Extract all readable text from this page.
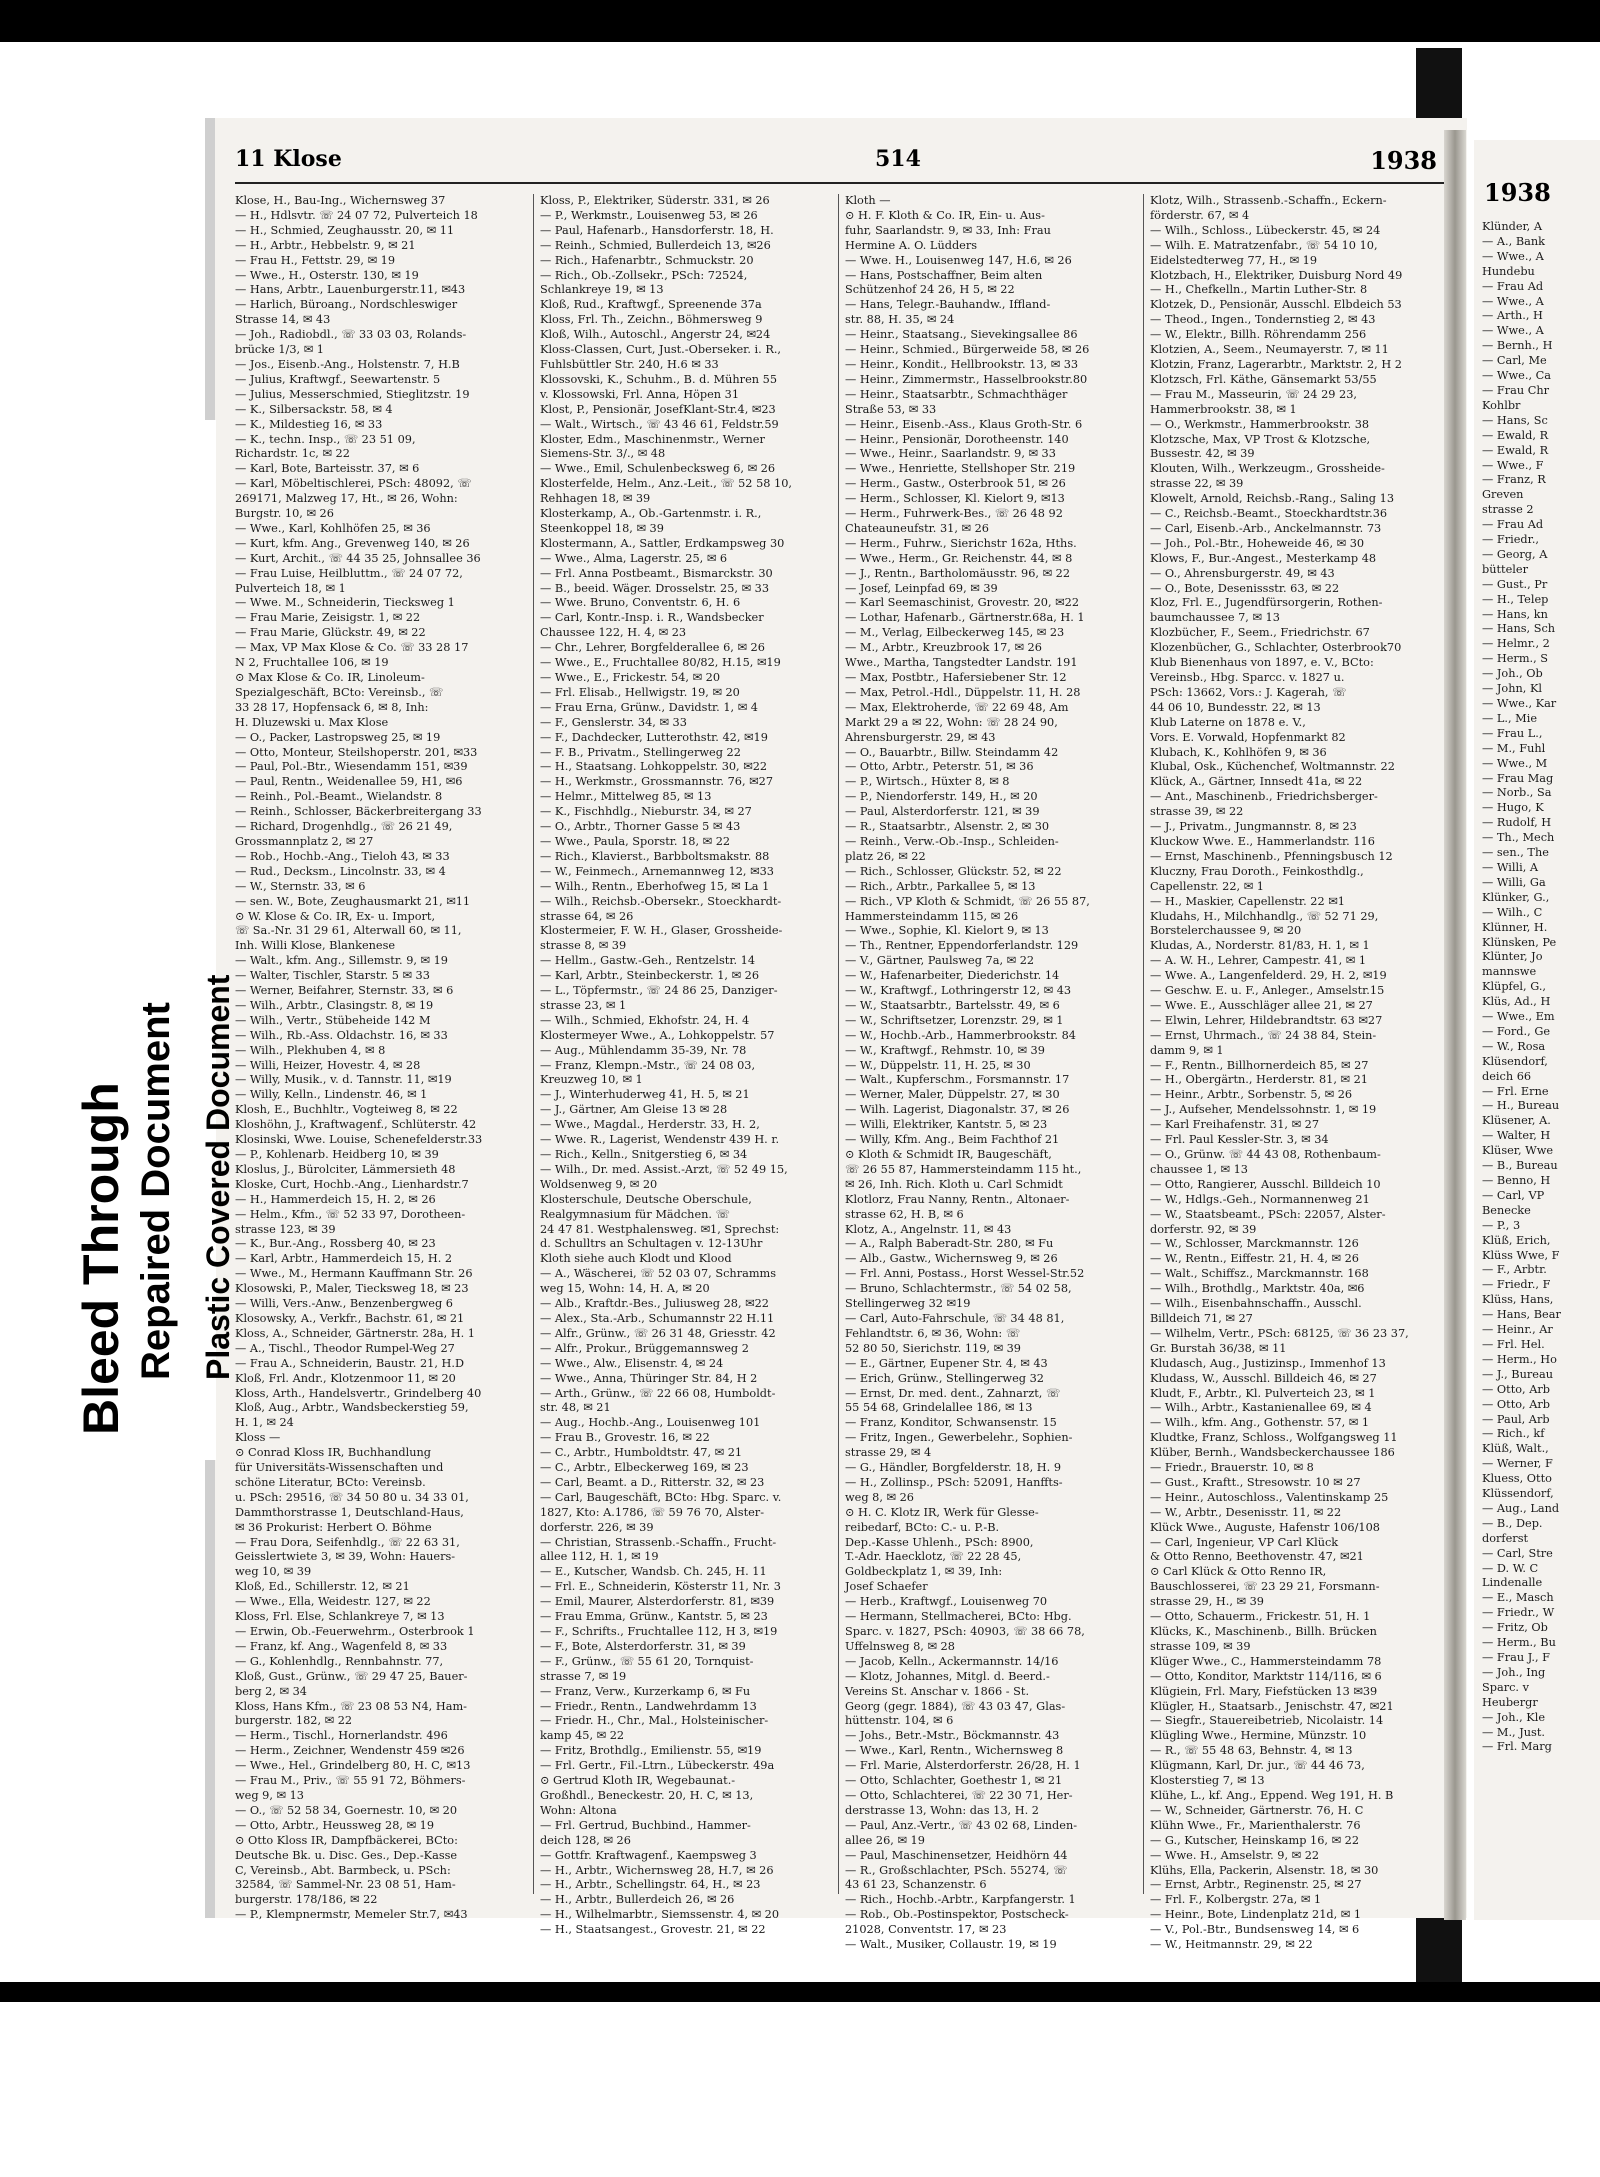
11 Klose	514	1938
Klose, H., Bau-Ing., Wichernsweg 37
— H., Hdlsvtr. ☏ 24 07 72, Pulverteich 18
— H., Schmied, Zeughausstr. 20, ✉ 11
— H., Arbtr., Hebbelstr. 9, ✉ 21
— Frau H., Fettstr. 29, ✉ 19
— Wwe., H., Osterstr. 130, ✉ 19
— Hans, Arbtr., Lauenburgerstr.11, ✉43
— Harlich, Büroang., Nordschleswiger
Strasse 14, ✉ 43
— Joh., Radiobdl., ☏ 33 03 03, Rolands-
brücke 1/3, ✉ 1
— Jos., Eisenb.-Ang., Holstenstr. 7, H.B
— Julius, Kraftwgf., Seewartenstr. 5
— Julius, Messerschmied, Stieglitzstr. 19
— K., Silbersackstr. 58, ✉ 4
— K., Mildestieg 16, ✉ 33
— K., techn. Insp., ☏ 23 51 09,
Richardstr. 1c, ✉ 22
— Karl, Bote, Barteisstr. 37, ✉ 6
— Karl, Möbeltischlerei, PSch: 48092, ☏
269171, Malzweg 17, Ht., ✉ 26, Wohn:
Burgstr. 10, ✉ 26
— Wwe., Karl, Kohlhöfen 25, ✉ 36
— Kurt, kfm. Ang., Grevenweg 140, ✉ 26
— Kurt, Archit., ☏ 44 35 25, Johnsallee 36
— Frau Luise, Heilbluttm., ☏ 24 07 72,
Pulverteich 18, ✉ 1
— Wwe. M., Schneiderin, Tiecksweg 1
— Frau Marie, Zeisigstr. 1, ✉ 22
— Frau Marie, Glückstr. 49, ✉ 22
— Max, VP Max Klose & Co. ☏ 33 28 17
N 2, Fruchtallee 106, ✉ 19
⊙ Max Klose & Co. IR, Linoleum-
Spezialgeschäft, BCto: Vereinsb., ☏
33 28 17, Hopfensack 6, ✉ 8, Inh:
H. Dluzewski u. Max Klose
— O., Packer, Lastropsweg 25, ✉ 19
— Otto, Monteur, Steilshoperstr. 201, ✉33
— Paul, Pol.-Btr., Wiesendamm 151, ✉39
— Paul, Rentn., Weidenallee 59, H1, ✉6
— Reinh., Pol.-Beamt., Wielandstr. 8
— Reinh., Schlosser, Bäckerbreitergang 33
— Richard, Drogenhdlg., ☏ 26 21 49,
Grossmannplatz 2, ✉ 27
— Rob., Hochb.-Ang., Tieloh 43, ✉ 33
— Rud., Decksm., Lincolnstr. 33, ✉ 4
— W., Sternstr. 33, ✉ 6
— sen. W., Bote, Zeughausmarkt 21, ✉11
⊙ W. Klose & Co. IR, Ex- u. Import,
☏ Sa.-Nr. 31 29 61, Alterwall 60, ✉ 11,
Inh. Willi Klose, Blankenese
— Walt., kfm. Ang., Sillemstr. 9, ✉ 19
— Walter, Tischler, Starstr. 5 ✉ 33
— Werner, Beifahrer, Sternstr. 33, ✉ 6
— Wilh., Arbtr., Clasingstr. 8, ✉ 19
— Wilh., Vertr., Stübeheide 142 M
— Wilh., Rb.-Ass. Oldachstr. 16, ✉ 33
— Wilh., Plekhuben 4, ✉ 8
— Willi, Heizer, Hovestr. 4, ✉ 28
— Willy, Musik., v. d. Tannstr. 11, ✉19
— Willy, Kelln., Lindenstr. 46, ✉ 1
Klosh, E., Buchhltr., Vogteiweg 8, ✉ 22
Kloshöhn, J., Kraftwagenf., Schlüterstr. 42
Klosinski, Wwe. Louise, Schenefelderstr.33
— P., Kohlenarb. Heidberg 10, ✉ 39
Kloslus, J., Bürolciter, Lämmersieth 48
Kloske, Curt, Hochb.-Ang., Lienhardstr.7
— H., Hammerdeich 15, H. 2, ✉ 26
— Helm., Kfm., ☏ 52 33 97, Dorotheen-
strasse 123, ✉ 39
— K., Bur.-Ang., Rossberg 40, ✉ 23
— Karl, Arbtr., Hammerdeich 15, H. 2
— Wwe., M., Hermann Kauffmann Str. 26
Klosowski, P., Maler, Tiecksweg 18, ✉ 23
— Willi, Vers.-Anw., Benzenbergweg 6
Klosowsky, A., Verkfr., Bachstr. 61, ✉ 21
Kloss, A., Schneider, Gärtnerstr. 28a, H. 1
— A., Tischl., Theodor Rumpel-Weg 27
— Frau A., Schneiderin, Baustr. 21, H.D
Kloß, Frl. Andr., Klotzenmoor 11, ✉ 20
Kloss, Arth., Handelsvertr., Grindelberg 40
Kloß, Aug., Arbtr., Wandsbeckerstieg 59,
H. 1, ✉ 24
Kloss —
⊙ Conrad Kloss IR, Buchhandlung
für Universitäts-Wissenschaften und
schöne Literatur, BCto: Vereinsb.
u. PSch: 29516, ☏ 34 50 80 u. 34 33 01,
Dammthorstrasse 1, Deutschland-Haus,
✉ 36 Prokurist: Herbert O. Böhme
— Frau Dora, Seifenhdlg., ☏ 22 63 31,
Geisslertwiete 3, ✉ 39, Wohn: Hauers-
weg 10, ✉ 39
Kloß, Ed., Schillerstr. 12, ✉ 21
— Wwe., Ella, Weidestr. 127, ✉ 22
Kloss, Frl. Else, Schlankreye 7, ✉ 13
— Erwin, Ob.-Feuerwehrm., Osterbrook 1
— Franz, kf. Ang., Wagenfeld 8, ✉ 33
— G., Kohlenhdlg., Rennbahnstr. 77,
Kloß, Gust., Grünw., ☏ 29 47 25, Bauer-
berg 2, ✉ 34
Kloss, Hans Kfm., ☏ 23 08 53 N4, Ham-
burgerstr. 182, ✉ 22
— Herm., Tischl., Hornerlandstr. 496
— Herm., Zeichner, Wendenstr 459 ✉26
— Wwe., Hel., Grindelberg 80, H. C, ✉13
— Frau M., Priv., ☏ 55 91 72, Böhmers-
weg 9, ✉ 13
— O., ☏ 52 58 34, Goernestr. 10, ✉ 20
— Otto, Arbtr., Heussweg 28, ✉ 19
⊙ Otto Kloss IR, Dampfbäckerei, BCto:
Deutsche Bk. u. Disc. Ges., Dep.-Kasse
C, Vereinsb., Abt. Barmbeck, u. PSch:
32584, ☏ Sammel-Nr. 23 08 51, Ham-
burgerstr. 178/186, ✉ 22
— P., Klempnermstr, Memeler Str.7, ✉43
Kloss, P., Elektriker, Süderstr. 331, ✉ 26
— P., Werkmstr., Louisenweg 53, ✉ 26
— Paul, Hafenarb., Hansdorferstr. 18, H.
— Reinh., Schmied, Bullerdeich 13, ✉26
— Rich., Hafenarbtr., Schmuckstr. 20
— Rich., Ob.-Zollsekr., PSch: 72524,
Schlankreye 19, ✉ 13
Kloß, Rud., Kraftwgf., Spreenende 37a
Kloss, Frl. Th., Zeichn., Böhmersweg 9
Kloß, Wilh., Autoschl., Angerstr 24, ✉24
Kloss-Classen, Curt, Just.-Oberseker. i. R.,
Fuhlsbüttler Str. 240, H.6 ✉ 33
Klossovski, K., Schuhm., B. d. Mühren 55
v. Klossowski, Frl. Anna, Höpen 31
Klost, P., Pensionär, JosefKlant-Str.4, ✉23
— Walt., Wirtsch., ☏ 43 46 61, Feldstr.59
Kloster, Edm., Maschinenmstr., Werner
Siemens-Str. 3/., ✉ 48
— Wwe., Emil, Schulenbecksweg 6, ✉ 26
Klosterfelde, Helm., Anz.-Leit., ☏ 52 58 10,
Rehhagen 18, ✉ 39
Klosterkamp, A., Ob.-Gartenmstr. i. R.,
Steenkoppel 18, ✉ 39
Klostermann, A., Sattler, Erdkampsweg 30
— Wwe., Alma, Lagerstr. 25, ✉ 6
— Frl. Anna Postbeamt., Bismarckstr. 30
— B., beeid. Wäger. Drosselstr. 25, ✉ 33
— Wwe. Bruno, Conventstr. 6, H. 6
— Carl, Kontr.-Insp. i. R., Wandsbecker
Chaussee 122, H. 4, ✉ 23
— Chr., Lehrer, Borgfelderallee 6, ✉ 26
— Wwe., E., Fruchtallee 80/82, H.15, ✉19
— Wwe., E., Frickestr. 54, ✉ 20
— Frl. Elisab., Hellwigstr. 19, ✉ 20
— Frau Erna, Grünw., Davidstr. 1, ✉ 4
— F., Genslerstr. 34, ✉ 33
— F., Dachdecker, Lutterothstr. 42, ✉19
— F. B., Privatm., Stellingerweg 22
— H., Staatsang. Lohkoppelstr. 30, ✉22
— H., Werkmstr., Grossmannstr. 76, ✉27
— Helmr., Mittelweg 85, ✉ 13
— K., Fischhdlg., Nieburstr. 34, ✉ 27
— O., Arbtr., Thorner Gasse 5 ✉ 43
— Wwe., Paula, Sporstr. 18, ✉ 22
— Rich., Klavierst., Barbboltsmakstr. 88
— W., Feinmech., Arnemannweg 12, ✉33
— Wilh., Rentn., Eberhofweg 15, ✉ La 1
— Wilh., Reichsb.-Obersekr., Stoeckhardt-
strasse 64, ✉ 26
Klostermeier, F. W. H., Glaser, Grossheide-
strasse 8, ✉ 39
— Hellm., Gastw.-Geh., Rentzelstr. 14
— Karl, Arbtr., Steinbeckerstr. 1, ✉ 26
— L., Töpfermstr., ☏ 24 86 25, Danziger-
strasse 23, ✉ 1
— Wilh., Schmied, Ekhofstr. 24, H. 4
Klostermeyer Wwe., A., Lohkoppelstr. 57
— Aug., Mühlendamm 35-39, Nr. 78
— Franz, Klempn.-Mstr., ☏ 24 08 03,
Kreuzweg 10, ✉ 1
— J., Winterhuderweg 41, H. 5, ✉ 21
— J., Gärtner, Am Gleise 13 ✉ 28
— Wwe., Magdal., Herderstr. 33, H. 2,
— Wwe. R., Lagerist, Wendenstr 439 H. r.
— Rich., Kelln., Snitgerstieg 6, ✉ 34
— Wilh., Dr. med. Assist.-Arzt, ☏ 52 49 15,
Woldsenweg 9, ✉ 20
Klosterschule, Deutsche Oberschule,
Realgymnasium für Mädchen. ☏
24 47 81. Westphalensweg. ✉1, Sprechst:
d. Schulltrs an Schultagen v. 12-13Uhr
Kloth siehe auch Klodt und Klood
— A., Wäscherei, ☏ 52 03 07, Schramms
weg 15, Wohn: 14, H. A, ✉ 20
— Alb., Kraftdr.-Bes., Juliusweg 28, ✉22
— Alex., Sta.-Arb., Schumannstr 22 H.11
— Alfr., Grünw., ☏ 26 31 48, Griesstr. 42
— Alfr., Prokur., Brüggemannsweg 2
— Wwe., Alw., Elisenstr. 4, ✉ 24
— Wwe., Anna, Thüringer Str. 84, H 2
— Arth., Grünw., ☏ 22 66 08, Humboldt-
str. 48, ✉ 21
— Aug., Hochb.-Ang., Louisenweg 101
— Frau B., Grovestr. 16, ✉ 22
— C., Arbtr., Humboldtstr. 47, ✉ 21
— C., Arbtr., Elbeckerweg 169, ✉ 23
— Carl, Beamt. a D., Ritterstr. 32, ✉ 23
— Carl, Baugeschäft, BCto: Hbg. Sparc. v.
1827, Kto: A.1786, ☏ 59 76 70, Alster-
dorferstr. 226, ✉ 39
— Christian, Strassenb.-Schaffn., Frucht-
allee 112, H. 1, ✉ 19
— E., Kutscher, Wandsb. Ch. 245, H. 11
— Frl. E., Schneiderin, Kösterstr 11, Nr. 3
— Emil, Maurer, Alsterdorferstr. 81, ✉39
— Frau Emma, Grünw., Kantstr. 5, ✉ 23
— F., Schrifts., Fruchtallee 112, H 3, ✉19
— F., Bote, Alsterdorferstr. 31, ✉ 39
— F., Grünw., ☏ 55 61 20, Tornquist-
strasse 7, ✉ 19
— Franz, Verw., Kurzerkamp 6, ✉ Fu
— Friedr., Rentn., Landwehrdamm 13
— Friedr. H., Chr., Mal., Holsteinischer-
kamp 45, ✉ 22
— Fritz, Brothdlg., Emilienstr. 55, ✉19
— Frl. Gertr., Fil.-Ltrn., Lübeckerstr. 49a
⊙ Gertrud Kloth IR, Wegebaunat.-
Großhdl., Beneckestr. 20, H. C, ✉ 13,
Wohn: Altona
— Frl. Gertrud, Buchbind., Hammer-
deich 128, ✉ 26
— Gottfr. Kraftwagenf., Kaempsweg 3
— H., Arbtr., Wichernsweg 28, H.7, ✉ 26
— H., Arbtr., Schellingstr. 64, H., ✉ 23
— H., Arbtr., Bullerdeich 26, ✉ 26
— H., Wilhelmarbtr., Siemssenstr. 4, ✉ 20
— H., Staatsangest., Grovestr. 21, ✉ 22
Kloth —
⊙ H. F. Kloth & Co. IR, Ein- u. Aus-
fuhr, Saarlandstr. 9, ✉ 33, Inh: Frau
Hermine A. O. Lüdders
— Wwe. H., Louisenweg 147, H.6, ✉ 26
— Hans, Postschaffner, Beim alten
Schützenhof 24 26, H 5, ✉ 22
— Hans, Telegr.-Bauhandw., Iffland-
str. 88, H. 35, ✉ 24
— Heinr., Staatsang., Sievekingsallee 86
— Heinr., Schmied., Bürgerweide 58, ✉ 26
— Heinr., Kondit., Hellbrookstr. 13, ✉ 33
— Heinr., Zimmermstr., Hasselbrookstr.80
— Heinr., Staatsarbtr., Schmachthäger
Straße 53, ✉ 33
— Heinr., Eisenb.-Ass., Klaus Groth-Str. 6
— Heinr., Pensionär, Dorotheenstr. 140
— Wwe., Heinr., Saarlandstr. 9, ✉ 33
— Wwe., Henriette, Stellshoper Str. 219
— Herm., Gastw., Osterbrook 51, ✉ 26
— Herm., Schlosser, Kl. Kielort 9, ✉13
— Herm., Fuhrwerk-Bes., ☏ 26 48 92
Chateauneufstr. 31, ✉ 26
— Herm., Fuhrw., Sierichstr 162a, Hths.
— Wwe., Herm., Gr. Reichenstr. 44, ✉ 8
— J., Rentn., Bartholomäusstr. 96, ✉ 22
— Josef, Leinpfad 69, ✉ 39
— Karl Seemaschinist, Grovestr. 20, ✉22
— Lothar, Hafenarb., Gärtnerstr.68a, H. 1
— M., Verlag, Eilbeckerweg 145, ✉ 23
— M., Arbtr., Kreuzbrook 17, ✉ 26
Wwe., Martha, Tangstedter Landstr. 191
— Max, Postbtr., Hafersiebener Str. 12
— Max, Petrol.-Hdl., Düppelstr. 11, H. 28
— Max, Elektroherde, ☏ 22 69 48, Am
Markt 29 a ✉ 22, Wohn: ☏ 28 24 90,
Ahrensburgerstr. 29, ✉ 43
— O., Bauarbtr., Billw. Steindamm 42
— Otto, Arbtr., Peterstr. 51, ✉ 36
— P., Wirtsch., Hüxter 8, ✉ 8
— P., Niendorferstr. 149, H., ✉ 20
— Paul, Alsterdorferstr. 121, ✉ 39
— R., Staatsarbtr., Alsenstr. 2, ✉ 30
— Reinh., Verw.-Ob.-Insp., Schleiden-
platz 26, ✉ 22
— Rich., Schlosser, Glückstr. 52, ✉ 22
— Rich., Arbtr., Parkallee 5, ✉ 13
— Rich., VP Kloth & Schmidt, ☏ 26 55 87,
Hammersteindamm 115, ✉ 26
— Wwe., Sophie, Kl. Kielort 9, ✉ 13
— Th., Rentner, Eppendorferlandstr. 129
— V., Gärtner, Paulsweg 7a, ✉ 22
— W., Hafenarbeiter, Diederichstr. 14
— W., Kraftwgf., Lothringerstr 12, ✉ 43
— W., Staatsarbtr., Bartelsstr. 49, ✉ 6
— W., Schriftsetzer, Lorenzstr. 29, ✉ 1
— W., Hochb.-Arb., Hammerbrookstr. 84
— W., Kraftwgf., Rehmstr. 10, ✉ 39
— W., Düppelstr. 11, H. 25, ✉ 30
— Walt., Kupferschm., Forsmannstr. 17
— Werner, Maler, Düppelstr. 27, ✉ 30
— Wilh. Lagerist, Diagonalstr. 37, ✉ 26
— Willi, Elektriker, Kantstr. 5, ✉ 23
— Willy, Kfm. Ang., Beim Fachthof 21
⊙ Kloth & Schmidt IR, Baugeschäft,
☏ 26 55 87, Hammersteindamm 115 ht.,
✉ 26, Inh. Rich. Kloth u. Carl Schmidt
Klotlorz, Frau Nanny, Rentn., Altonaer-
strasse 62, H. B, ✉ 6
Klotz, A., Angelnstr. 11, ✉ 43
— A., Ralph Baberadt-Str. 280, ✉ Fu
— Alb., Gastw., Wichernsweg 9, ✉ 26
— Frl. Anni, Postass., Horst Wessel-Str.52
— Bruno, Schlachtermstr., ☏ 54 02 58,
Stellingerweg 32 ✉19
— Carl, Auto-Fahrschule, ☏ 34 48 81,
Fehlandtstr. 6, ✉ 36, Wohn: ☏
52 80 50, Sierichstr. 119, ✉ 39
— E., Gärtner, Eupener Str. 4, ✉ 43
— Erich, Grünw., Stellingerweg 32
— Ernst, Dr. med. dent., Zahnarzt, ☏
55 54 68, Grindelallee 186, ✉ 13
— Franz, Konditor, Schwansenstr. 15
— Fritz, Ingen., Gewerbelehr., Sophien-
strasse 29, ✉ 4
— G., Händler, Borgfelderstr. 18, H. 9
— H., Zollinsp., PSch: 52091, Hanffts-
weg 8, ✉ 26
⊙ H. C. Klotz IR, Werk für Glesse-
reibedarf, BCto: C.- u. P.-B.
Dep.-Kasse Uhlenh., PSch: 8900,
T.-Adr. Haecklotz, ☏ 22 28 45,
Goldbeckplatz 1, ✉ 39, Inh:
Josef Schaefer
— Herb., Kraftwgf., Louisenweg 70
— Hermann, Stellmacherei, BCto: Hbg.
Sparc. v. 1827, PSch: 40903, ☏ 38 66 78,
Uffelnsweg 8, ✉ 28
— Jacob, Kelln., Ackermannstr. 14/16
— Klotz, Johannes, Mitgl. d. Beerd.-
Vereins St. Anschar v. 1866 - St.
Georg (gegr. 1884), ☏ 43 03 47, Glas-
hüttenstr. 104, ✉ 6
— Johs., Betr.-Mstr., Böckmannstr. 43
— Wwe., Karl, Rentn., Wichernsweg 8
— Frl. Marie, Alsterdorferstr. 26/28, H. 1
— Otto, Schlachter, Goethestr 1, ✉ 21
— Otto, Schlachterei, ☏ 22 30 71, Her-
derstrasse 13, Wohn: das 13, H. 2
— Paul, Anz.-Vertr., ☏ 43 02 68, Linden-
allee 26, ✉ 19
— Paul, Maschinensetzer, Heidhörn 44
— R., Großschlachter, PSch. 55274, ☏
43 61 23, Schanzenstr. 6
— Rich., Hochb.-Arbtr., Karpfangerstr. 1
— Rob., Ob.-Postinspektor, Postscheck-
21028, Conventstr. 17, ✉ 23
— Walt., Musiker, Collaustr. 19, ✉ 19
Klotz, Wilh., Strassenb.-Schaffn., Eckern-
förderstr. 67, ✉ 4
— Wilh., Schloss., Lübeckerstr. 45, ✉ 24
— Wilh. E. Matratzenfabr., ☏ 54 10 10,
Eidelstedterweg 77, H., ✉ 19
Klotzbach, H., Elektriker, Duisburg Nord 49
— H., Chefkelln., Martin Luther-Str. 8
Klotzek, D., Pensionär, Ausschl. Elbdeich 53
— Theod., Ingen., Tondernstieg 2, ✉ 43
— W., Elektr., Billh. Röhrendamm 256
Klotzien, A., Seem., Neumayerstr. 7, ✉ 11
Klotzin, Franz, Lagerarbtr., Marktstr. 2, H 2
Klotzsch, Frl. Käthe, Gänsemarkt 53/55
— Frau M., Masseurin, ☏ 24 29 23,
Hammerbrookstr. 38, ✉ 1
— O., Werkmstr., Hammerbrookstr. 38
Klotzsche, Max, VP Trost & Klotzsche,
Bussestr. 42, ✉ 39
Klouten, Wilh., Werkzeugm., Grossheide-
strasse 22, ✉ 39
Klowelt, Arnold, Reichsb.-Rang., Saling 13
— C., Reichsb.-Beamt., Stoeckhardtstr.36
— Carl, Eisenb.-Arb., Anckelmannstr. 73
— Joh., Pol.-Btr., Hoheweide 46, ✉ 30
Klows, F., Bur.-Angest., Mesterkamp 48
— O., Ahrensburgerstr. 49, ✉ 43
— O., Bote, Desenissstr. 63, ✉ 22
Kloz, Frl. E., Jugendfürsorgerin, Rothen-
baumchaussee 7, ✉ 13
Klozbücher, F., Seem., Friedrichstr. 67
Klozenbücher, G., Schlachter, Osterbrook70
Klub Bienenhaus von 1897, e. V., BCto:
Vereinsb., Hbg. Sparcc. v. 1827 u.
PSch: 13662, Vors.: J. Kagerah, ☏
44 06 10, Bundesstr. 22, ✉ 13
Klub Laterne on 1878 e. V.,
Vors. E. Vorwald, Hopfenmarkt 82
Klubach, K., Kohlhöfen 9, ✉ 36
Klubal, Osk., Küchenchef, Woltmannstr. 22
Klück, A., Gärtner, Innsedt 41a, ✉ 22
— Ant., Maschinenb., Friedrichsberger-
strasse 39, ✉ 22
— J., Privatm., Jungmannstr. 8, ✉ 23
Kluckow Wwe. E., Hammerlandstr. 116
— Ernst, Maschinenb., Pfenningsbusch 12
Kluczny, Frau Doroth., Feinkosthdlg.,
Capellenstr. 22, ✉ 1
— H., Maskier, Capellenstr. 22 ✉1
Kludahs, H., Milchhandlg., ☏ 52 71 29,
Borstelerchaussee 9, ✉ 20
Kludas, A., Norderstr. 81/83, H. 1, ✉ 1
— A. W. H., Lehrer, Campestr. 41, ✉ 1
— Wwe. A., Langenfelderd. 29, H. 2, ✉19
— Geschw. E. u. F., Anleger., Amselstr.15
— Wwe. E., Ausschläger allee 21, ✉ 27
— Elwin, Lehrer, Hildebrandtstr. 63 ✉27
— Ernst, Uhrmach., ☏ 24 38 84, Stein-
damm 9, ✉ 1
— F., Rentn., Billhornerdeich 85, ✉ 27
— H., Obergärtn., Herderstr. 81, ✉ 21
— Heinr., Arbtr., Sorbenstr. 5, ✉ 26
— J., Aufseher, Mendelssohnstr. 1, ✉ 19
— Karl Freihafenstr. 31, ✉ 27
— Frl. Paul Kessler-Str. 3, ✉ 34
— O., Grünw. ☏ 44 43 08, Rothenbaum-
chaussee 1, ✉ 13
— Otto, Rangierer, Ausschl. Billdeich 10
— W., Hdlgs.-Geh., Normannenweg 21
— W., Staatsbeamt., PSch: 22057, Alster-
dorferstr. 92, ✉ 39
— W., Schlosser, Marckmannstr. 126
— W., Rentn., Eiffestr. 21, H. 4, ✉ 26
— Walt., Schiffsz., Marckmannstr. 168
— Wilh., Brothdlg., Marktstr. 40a, ✉6
— Wilh., Eisenbahnschaffn., Ausschl.
Billdeich 71, ✉ 27
— Wilhelm, Vertr., PSch: 68125, ☏ 36 23 37,
Gr. Burstah 36/38, ✉ 11
Kludasch, Aug., Justizinsp., Immenhof 13
Kludass, W., Ausschl. Billdeich 46, ✉ 27
Kludt, F., Arbtr., Kl. Pulverteich 23, ✉ 1
— Wilh., Arbtr., Kastanienallee 69, ✉ 4
— Wilh., kfm. Ang., Gothenstr. 57, ✉ 1
Kludtke, Franz, Schloss., Wolfgangsweg 11
Klüber, Bernh., Wandsbeckerchaussee 186
— Friedr., Brauerstr. 10, ✉ 8
— Gust., Kraftt., Stresowstr. 10 ✉ 27
— Heinr., Autoschloss., Valentinskamp 25
— W., Arbtr., Desenisstr. 11, ✉ 22
Klück Wwe., Auguste, Hafenstr 106/108
— Carl, Ingenieur, VP Carl Klück
& Otto Renno, Beethovenstr. 47, ✉21
⊙ Carl Klück & Otto Renno IR,
Bauschlosserei, ☏ 23 29 21, Forsmann-
strasse 29, H., ✉ 39
— Otto, Schauerm., Frickestr. 51, H. 1
Klücks, K., Maschinenb., Billh. Brücken
strasse 109, ✉ 39
Klüger Wwe., C., Hammersteindamm 78
— Otto, Konditor, Marktstr 114/116, ✉ 6
Klügiein, Frl. Mary, Fiefstücken 13 ✉39
Klügler, H., Staatsarb., Jenischstr. 47, ✉21
— Siegfr., Stauereibetrieb, Nicolaistr. 14
Klügling Wwe., Hermine, Münzstr. 10
— R., ☏ 55 48 63, Behnstr. 4, ✉ 13
Klügmann, Karl, Dr. jur., ☏ 44 46 73,
Klosterstieg 7, ✉ 13
Klühe, L., kf. Ang., Eppend. Weg 191, H. B
— W., Schneider, Gärtnerstr. 76, H. C
Klühn Wwe., Fr., Marienthalerstr. 76
— G., Kutscher, Heinskamp 16, ✉ 22
— Wwe. H., Amselstr. 9, ✉ 22
Klühs, Ella, Packerin, Alsenstr. 18, ✉ 30
— Ernst, Arbtr., Reginenstr. 25, ✉ 27
— Frl. F., Kolbergstr. 27a, ✉ 1
— Heinr., Bote, Lindenplatz 21d, ✉ 1
— V., Pol.-Btr., Bundsensweg 14, ✉ 6
— W., Heitmannstr. 29, ✉ 22
1938
Klünder, A
— A., Bank
— Wwe., A
Hundebu
— Frau Ad
— Wwe., A
— Arth., H
— Wwe., A
— Bernh., H
— Carl, Me
— Wwe., Ca
— Frau Chr
Kohlbr
— Hans, Sc
— Ewald, R
— Ewald, R
— Wwe., F
— Franz, R
Greven
strasse 2
— Frau Ad
— Friedr.,
— Georg, A
bütteler
— Gust., Pr
— H., Telep
— Hans, kn
— Hans, Sch
— Helmr., 2
— Herm., S
— Joh., Ob
— John, Kl
— Wwe., Kar
— L., Mie
— Frau L.,
— M., Fuhl
— Wwe., M
— Frau Mag
— Norb., Sa
— Hugo, K
— Rudolf, H
— Th., Mech
— sen., The
— Willi, A
— Willi, Ga
Klünker, G.,
— Wilh., C
Klünner, H.
Klünsken, Pe
Klünter, Jo
mannswe
Klüpfel, G.,
Klüs, Ad., H
— Wwe., Em
— Ford., Ge
— W., Rosa
Klüsendorf,
deich 66
— Frl. Erne
— H., Bureau
Klüsener, A.
— Walter, H
Klüser, Wwe
— B., Bureau
— Benno, H
— Carl, VP
Benecke
— P., 3
Klüß, Erich,
Klüss Wwe, F
— F., Arbtr.
— Friedr., F
Klüss, Hans,
— Hans, Bear
— Heinr., Ar
— Frl. Hel.
— Herm., Ho
— J., Bureau
— Otto, Arb
— Otto, Arb
— Paul, Arb
— Rich., kf
Klüß, Walt.,
— Werner, F
Kluess, Otto
Klüssendorf,
— Aug., Land
— B., Dep.
dorferst
— Carl, Stre
— D. W. C
Lindenalle
— E., Masch
— Friedr., W
— Fritz, Ob
— Herm., Bu
— Frau J., F
— Joh., Ing
Sparc. v
Heubergr
— Joh., Kle
— M., Just.
— Frl. Marg
Bleed Through Repaired Document Plastic Covered Document
